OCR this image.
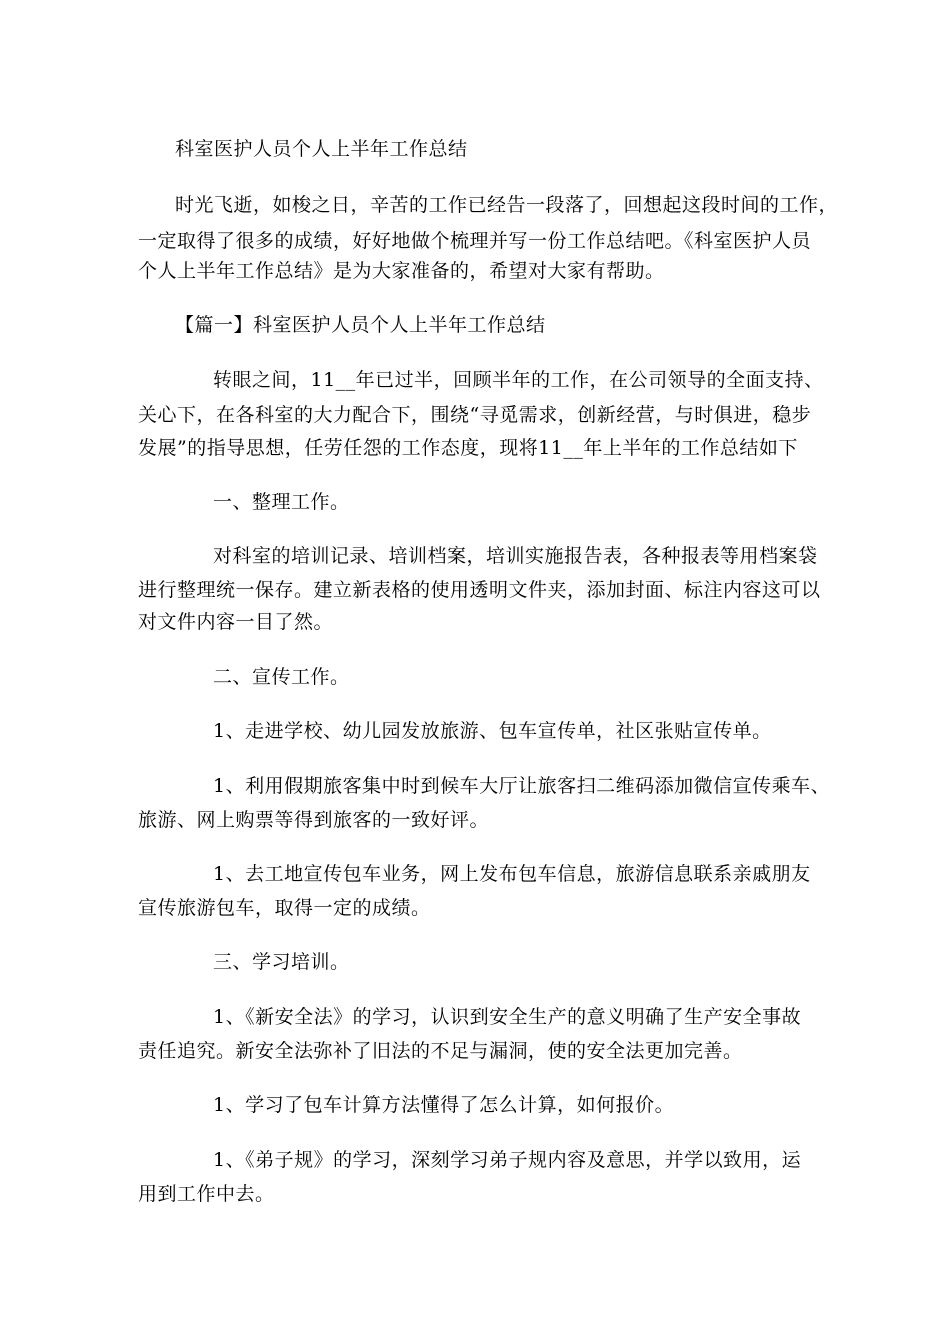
科室医护人员个人上半年工作总结
时光飞逝，如梭之日，辛苦的工作已经告一段落了，回想起这段时间的工作，
一定取得了很多的成绩，好好地做个梳理并写一份工作总结吧。《科室医护人员
个人上半年工作总结》是为大家准备的，希望对大家有帮助。
【篇一】科室医护人员个人上半年工作总结
转眼之间，11__年已过半，回顾半年的工作，在公司领导的全面支持、
关心下，在各科室的大力配合下，围绕“寻觅需求，创新经营，与时俱进，稳步
发展”的指导思想，任劳任怨的工作态度，现将11__年上半年的工作总结如下
一、整理工作。
对科室的培训记录、培训档案，培训实施报告表，各种报表等用档案袋
进行整理统一保存。建立新表格的使用透明文件夹，添加封面、标注内容这可以
对文件内容一目了然。
二、宣传工作。
1、走进学校、幼儿园发放旅游、包车宣传单，社区张贴宣传单。
1、利用假期旅客集中时到候车大厅让旅客扫二维码添加微信宣传乘车、
旅游、网上购票等得到旅客的一致好评。
1、去工地宣传包车业务，网上发布包车信息，旅游信息联系亲戚朋友
宣传旅游包车，取得一定的成绩。
三、学习培训。
1、《新安全法》的学习，认识到安全生产的意义明确了生产安全事故
责任追究。新安全法弥补了旧法的不足与漏洞，使的安全法更加完善。
1、学习了包车计算方法懂得了怎么计算，如何报价。
1、《弟子规》的学习，深刻学习弟子规内容及意思，并学以致用，运
用到工作中去。
